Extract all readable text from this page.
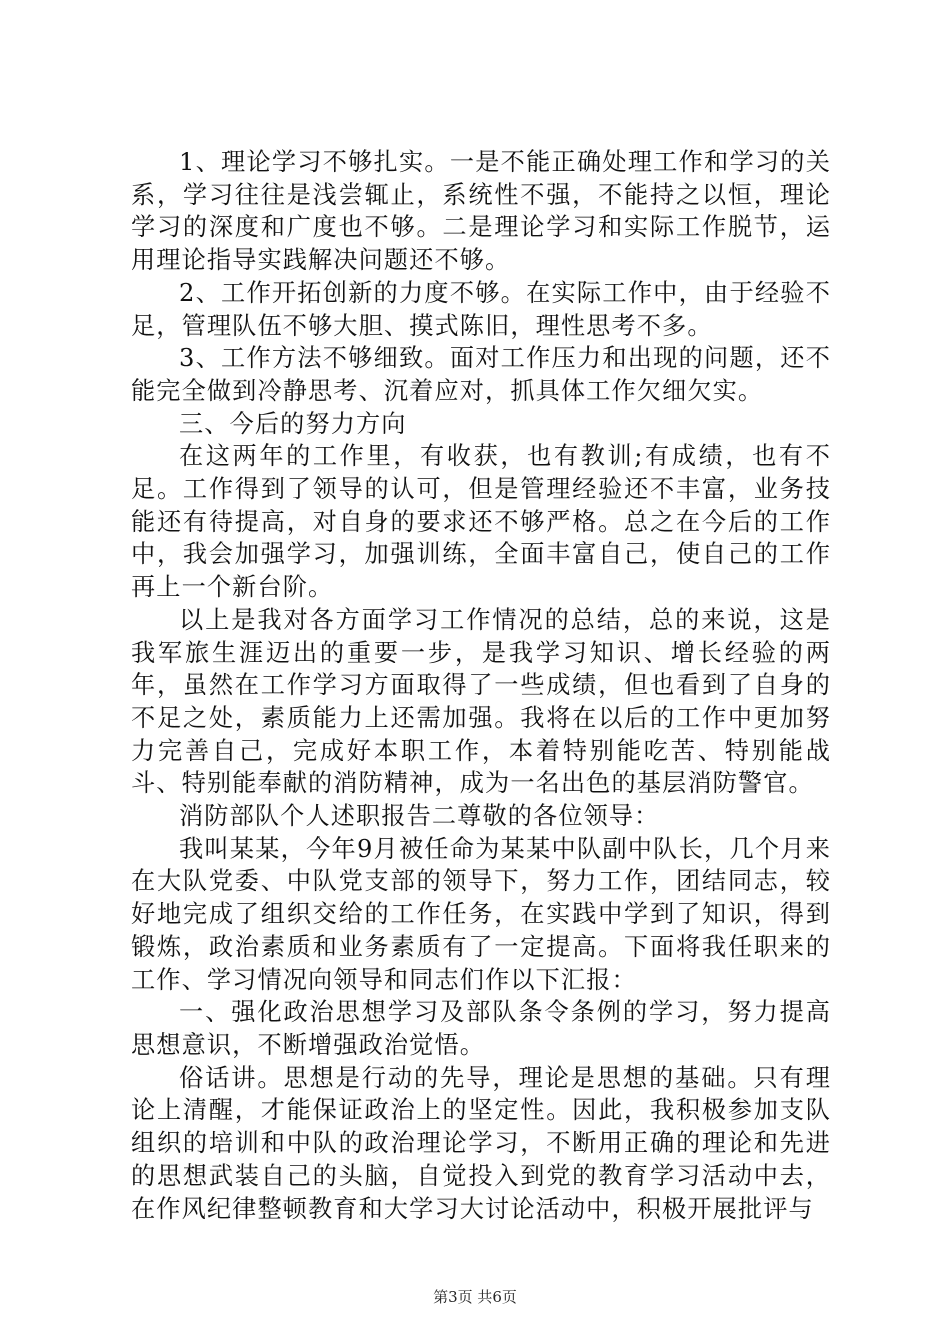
1、理论学习不够扎实。一是不能正确处理工作和学习的关系，学习往往是浅尝辄止，系统性不强，不能持之以恒，理论学习的深度和广度也不够。二是理论学习和实际工作脱节，运用理论指导实践解决问题还不够。

2、工作开拓创新的力度不够。在实际工作中，由于经验不足，管理队伍不够大胆、摸式陈旧，理性思考不多。

3、工作方法不够细致。面对工作压力和出现的问题，还不能完全做到冷静思考、沉着应对，抓具体工作欠细欠实。

三、今后的努力方向

在这两年的工作里，有收获，也有教训;有成绩，也有不足。工作得到了领导的认可，但是管理经验还不丰富，业务技能还有待提高，对自身的要求还不够严格。总之在今后的工作中，我会加强学习，加强训练，全面丰富自己，使自己的工作再上一个新台阶。

以上是我对各方面学习工作情况的总结，总的来说，这是我军旅生涯迈出的重要一步，是我学习知识、增长经验的两年，虽然在工作学习方面取得了一些成绩，但也看到了自身的不足之处，素质能力上还需加强。我将在以后的工作中更加努力完善自己，完成好本职工作，本着特别能吃苦、特别能战斗、特别能奉献的消防精神，成为一名出色的基层消防警官。

消防部队个人述职报告二尊敬的各位领导：

我叫某某，今年9月被任命为某某中队副中队长，几个月来在大队党委、中队党支部的领导下，努力工作，团结同志，较好地完成了组织交给的工作任务，在实践中学到了知识，得到锻炼，政治素质和业务素质有了一定提高。下面将我任职来的工作、学习情况向领导和同志们作以下汇报：

一、强化政治思想学习及部队条令条例的学习，努力提高思想意识，不断增强政治觉悟。

俗话讲。思想是行动的先导，理论是思想的基础。只有理论上清醒，才能保证政治上的坚定性。因此，我积极参加支队组织的培训和中队的政治理论学习，不断用正确的理论和先进的思想武装自己的头脑，自觉投入到党的教育学习活动中去，在作风纪律整顿教育和大学习大讨论活动中，积极开展批评与

第3页 共6页
